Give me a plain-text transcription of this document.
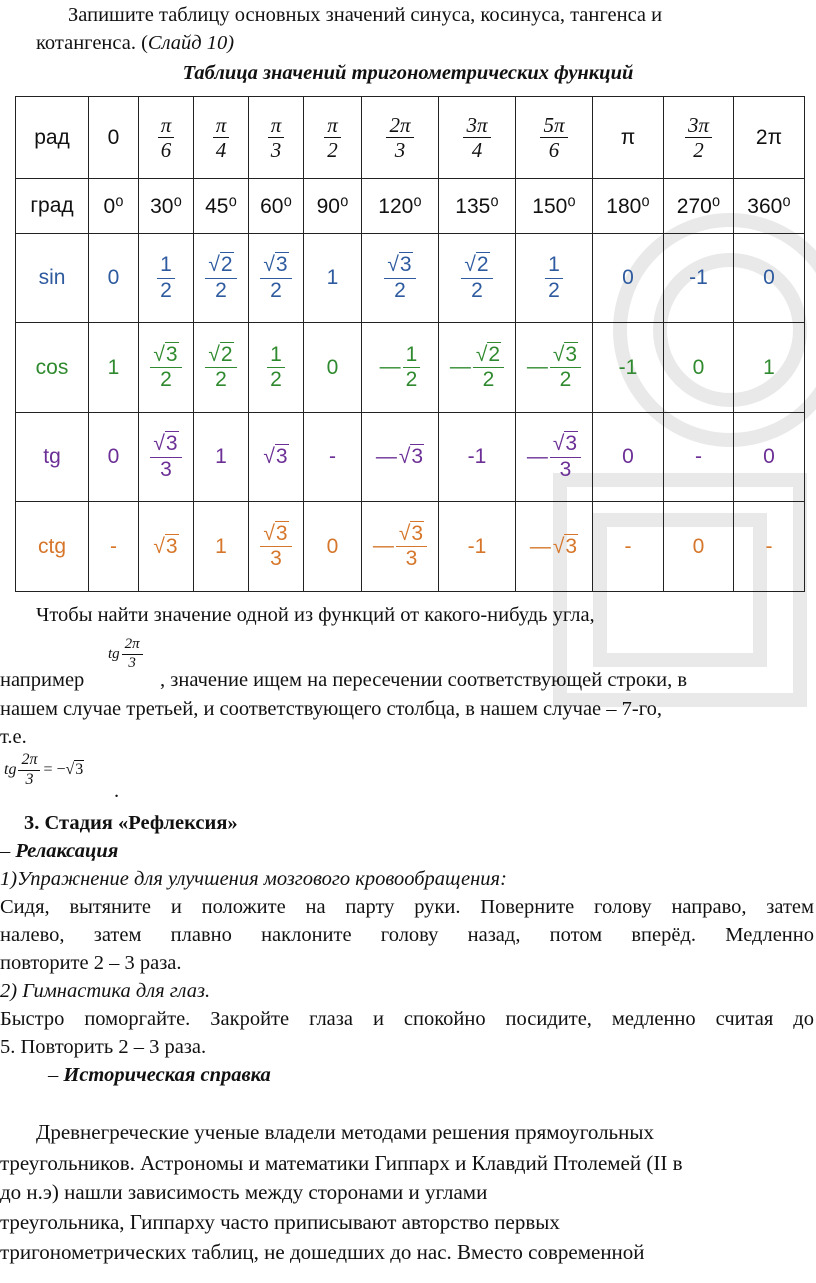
Запишите таблицу основных значений синуса, косинуса, тангенса и
котангенса. (Слайд 10)
Таблица значений тригонометрических функций
рад	0	$\frac{\pi}{6}$	$\frac{\pi}{4}$	$\frac{\pi}{3}$	$\frac{\pi}{2}$	$\frac{2\pi}{3}$	$\frac{3\pi}{4}$	$\frac{5\pi}{6}$	π	$\frac{3\pi}{2}$	2π
град	0⁰	30⁰	45⁰	60⁰	90⁰	120⁰	135⁰	150⁰	180⁰	270⁰	360⁰
sin	0	$\frac{1}{2}$	$\frac{√2}{2}$	$\frac{√3}{2}$	1	$\frac{√3}{2}$	$\frac{√2}{2}$	$\frac{1}{2}$	0	-1	0
cos	1	$\frac{√3}{2}$	$\frac{√2}{2}$	$\frac{1}{2}$	0	— $\frac{1}{2}$	— $\frac{√2}{2}$	— $\frac{√3}{2}$	-1	0	1
tg	0	$\frac{√3}{3}$	1	√3	-	—√3	-1	— $\frac{√3}{3}$	0	-	0
ctg	-	√3	1	$\frac{√3}{3}$	0	— $\frac{√3}{3}$	-1	—√3	-	0	-
Чтобы найти значение одной из функций от какого-нибудь угла,
например
tg $\frac{2\pi}{3}$
, значение ищем на пересечении соответствующей строки, в
нашем случае третьей, и соответствующего столбца, в нашем случае – 7-го,
т.е.
tg $\frac{2\pi}{3}$ = − √3
.
3. Стадия «Рефлексия»
– Релаксация
1)Упражнение для улучшения мозгового кровообращения:
Сидя, вытяните и положите на парту руки. Поверните голову направо, затем
налево, затем плавно наклоните голову назад, потом вперёд. Медленно
повторите 2 – 3 раза.
2) Гимнастика для глаз.
Быстро поморгайте. Закройте глаза и спокойно посидите, медленно считая до
5. Повторить 2 – 3 раза.
– Историческая справка
Древнегреческие ученые владели методами решения прямоугольных
треугольников. Астрономы и математики Гиппарх и Клавдий Птолемей (II в
до н.э) нашли зависимость между сторонами и углами
треугольника, Гиппарху часто приписывают авторство первых
тригонометрических таблиц, не дошедших до нас. Вместо современной
